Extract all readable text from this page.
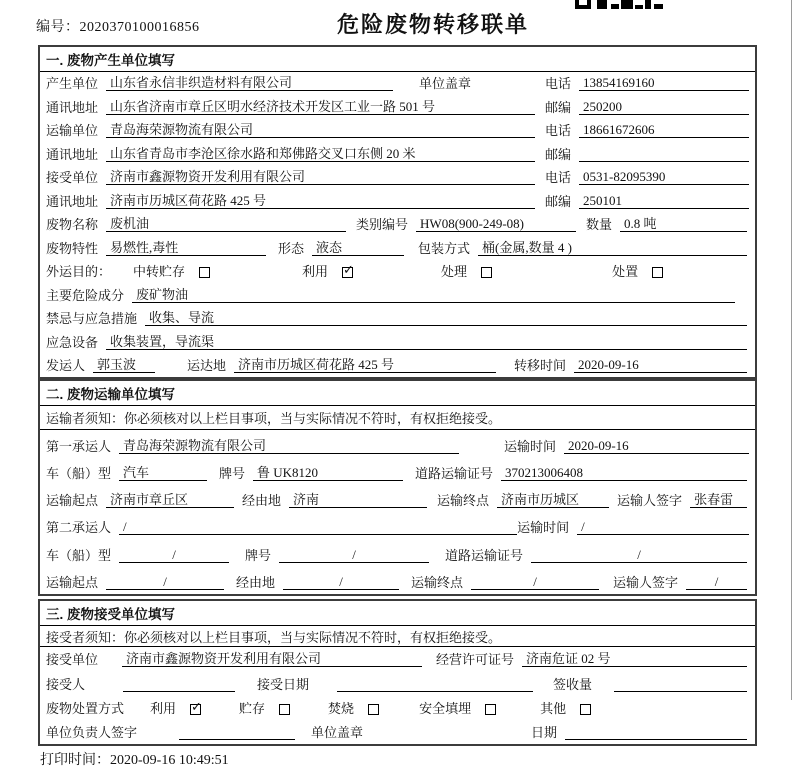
编号：2020370100016856	危险废物转移联单
一. 废物产生单位填写
产生单位 山东省永信非织造材料有限公司	单位盖章	电话 13854169160
通讯地址 山东省济南市章丘区明水经济技术开发区工业一路 501 号	邮编 250200
运输单位 青岛海荣源物流有限公司	电话 18661672606
通讯地址 山东省青岛市李沧区徐水路和郑佛路交叉口东侧 20 米	邮编
接受单位 济南市鑫源物资开发利用有限公司	电话 0531-82095390
通讯地址 济南市历城区荷花路 425 号	邮编 250101
废物名称 废机油	类别编号 HW08(900-249-08)	数量 0.8 吨
废物特性 易燃性,毒性	形态 液态	包装方式 桶(金属,数量 4 )
外运目的： 中转贮存	利用 ✓	处理	处置
主要危险成分 废矿物油
禁忌与应急措施 收集、导流
应急设备 收集装置，导流渠
发运人 郭玉波	运达地 济南市历城区荷花路 425 号	转移时间 2020-09-16
二. 废物运输单位填写
运输者须知： 你必须核对以上栏目事项，当与实际情况不符时，有权拒绝接受。
第一承运人 青岛海荣源物流有限公司	运输时间 2020-09-16
车（船）型 汽车	牌号 鲁 UK8120	道路运输证号 370213006408
运输起点 济南市章丘区	经由地 济南	运输终点 济南市历城区	运输人签字 张春雷
第二承运人 /	运输时间 /
车（船）型	/	牌号	/	道路运输证号	/
运输起点	/	经由地	/	运输终点	/	运输人签字	/
三. 废物接受单位填写
接受者须知： 你必须核对以上栏目事项，当与实际情况不符时，有权拒绝接受。
接受单位	济南市鑫源物资开发利用有限公司	经营许可证号 济南危证 02 号
接受人	接受日期	签收量
废物处置方式 利用 ✓	贮存	焚烧	安全填埋	其他
单位负责人签字	单位盖章	日期
打印时间：2020-09-16 10:49:51
